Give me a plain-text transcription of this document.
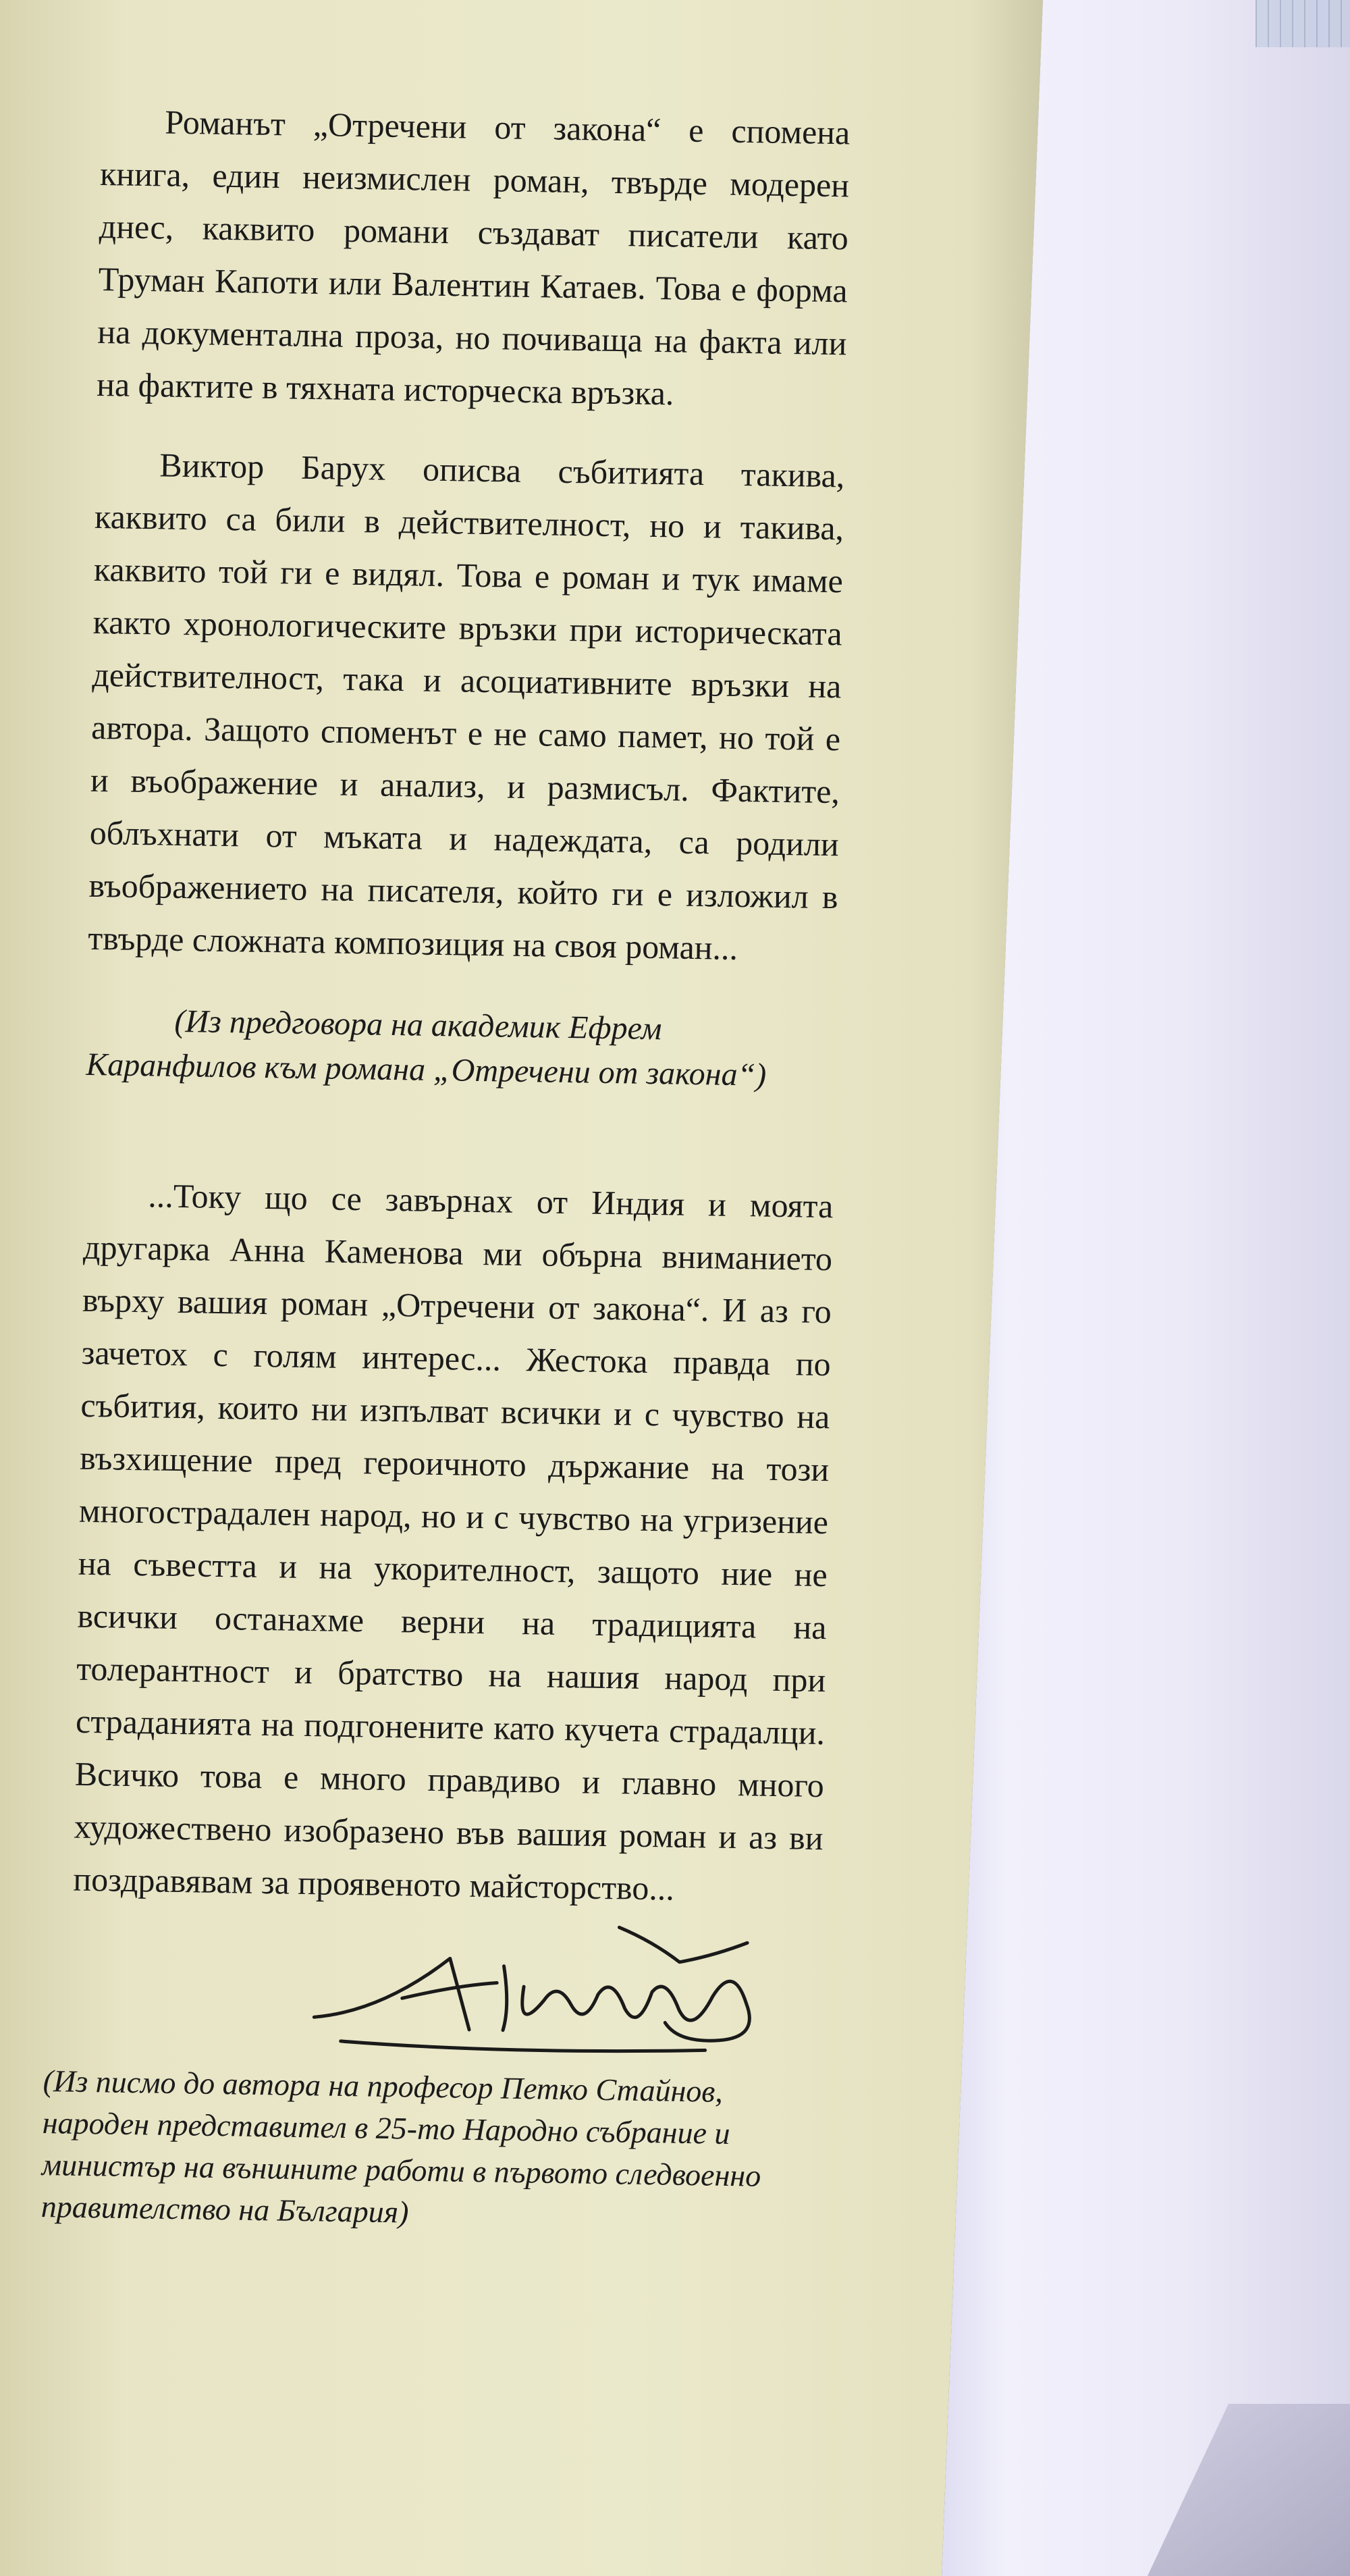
Романът „Отречени от закона“ е спомена книга, един неизмислен роман, твърде модерен днес, каквито романи създават писатели като Труман Капоти или Валентин Катаев. Това е форма на документална проза, но почиваща на факта или на фактите в тяхната исторческа връзка.

Виктор Барух описва събитията такива, каквито са били в действителност, но и такива, каквито той ги е видял. Това е роман и тук имаме както хронологическите връзки при историческата действителност, така и асоциативните връзки на автора. Защото споменът е не само памет, но той е и въображение и анализ, и размисъл. Фактите, облъхнати от мъката и надеждата, са родили въображението на писателя, който ги е изложил в твърде сложната композиция на своя роман...

(Из предговора на академик Ефрем Каранфилов към романа „Отречени от закона“)

...Току що се завърнах от Индия и моята другарка Анна Каменова ми обърна вниманието върху вашия роман „Отречени от закона“. И аз го зачетох с голям интерес... Жестока правда по събития, които ни изпълват всички и с чувство на възхищение пред героичното държание на този многострадален народ, но и с чувство на угризение на съвестта и на укорителност, защото ние не всички останахме верни на традицията на толерантност и братство на нашия народ при страданията на подгонените като кучета страдалци. Всичко това е много правдиво и главно много художествено изобразено във вашия роман и аз ви поздравявам за проявеното майсторство...

(Из писмо до автора на професор Петко Стайнов, народен представител в 25-то Народно събрание и министър на външните работи в първото следвоенно правителство на България)
